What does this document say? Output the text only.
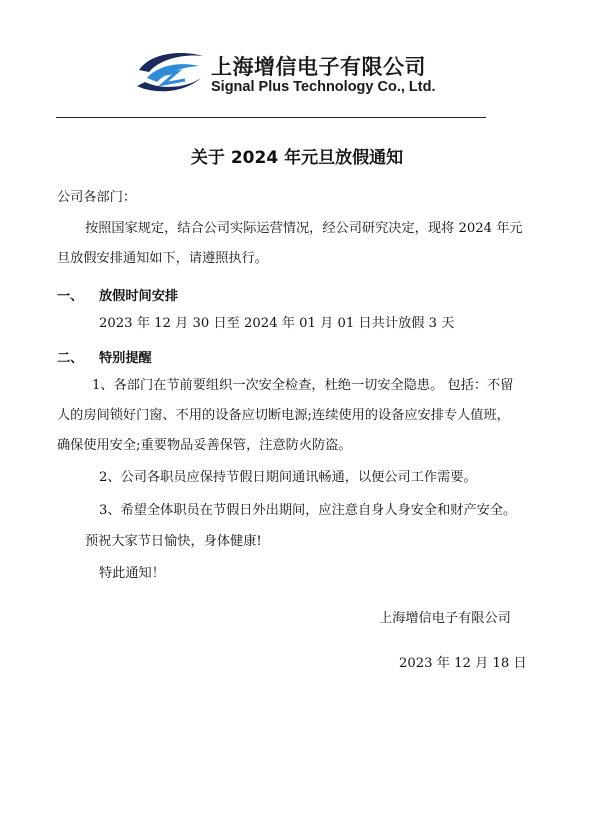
上海增信电子有限公司
Signal Plus Technology Co., Ltd.
关于 2024 年元旦放假通知
公司各部门：
按照国家规定，结合公司实际运营情况，经公司研究决定，现将 2024 年元
旦放假安排通知如下，请遵照执行。
一、 放假时间安排
2023 年 12 月 30 日至 2024 年 01 月 01 日共计放假 3 天
二、 特别提醒
1、各部门在节前要组织一次安全检查，杜绝一切安全隐患。 包括：不留
人的房间锁好门窗、不用的设备应切断电源;连续使用的设备应安排专人值班，
确保使用安全;重要物品妥善保管，注意防火防盗。
2、公司各职员应保持节假日期间通讯畅通，以便公司工作需要。
3、希望全体职员在节假日外出期间，应注意自身人身安全和财产安全。
预祝大家节日愉快，身体健康!
特此通知！
上海增信电子有限公司
2023 年 12 月 18 日
